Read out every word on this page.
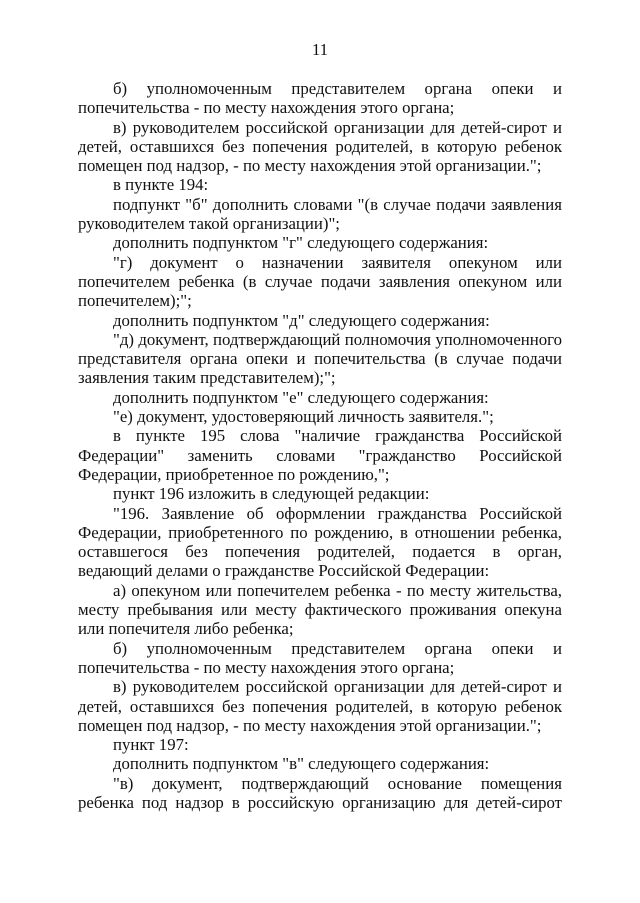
11

б) уполномоченным представителем органа опеки и попечительства - по месту нахождения этого органа;

в) руководителем российской организации для детей-сирот и детей, оставшихся без попечения родителей, в которую ребенок помещен под надзор, - по месту нахождения этой организации.";

в пункте 194:

подпункт "б" дополнить словами "(в случае подачи заявления руководителем такой организации)";

дополнить подпунктом "г" следующего содержания:

"г) документ о назначении заявителя опекуном или попечителем ребенка (в случае подачи заявления опекуном или попечителем);";

дополнить подпунктом "д" следующего содержания:

"д) документ, подтверждающий полномочия уполномоченного представителя органа опеки и попечительства (в случае подачи заявления таким представителем);";

дополнить подпунктом "е" следующего содержания:

"е) документ, удостоверяющий личность заявителя.";

в пункте 195 слова "наличие гражданства Российской Федерации" заменить словами "гражданство Российской Федерации, приобретенное по рождению,";

пункт 196 изложить в следующей редакции:

"196. Заявление об оформлении гражданства Российской Федерации, приобретенного по рождению, в отношении ребенка, оставшегося без попечения родителей, подается в орган, ведающий делами о гражданстве Российской Федерации:

а) опекуном или попечителем ребенка - по месту жительства, месту пребывания или месту фактического проживания опекуна или попечителя либо ребенка;

б) уполномоченным представителем органа опеки и попечительства - по месту нахождения этого органа;

в) руководителем российской организации для детей-сирот и детей, оставшихся без попечения родителей, в которую ребенок помещен под надзор, - по месту нахождения этой организации.";

пункт 197:

дополнить подпунктом "в" следующего содержания:

"в) документ, подтверждающий основание помещения ребенка под надзор в российскую организацию для детей-сирот
